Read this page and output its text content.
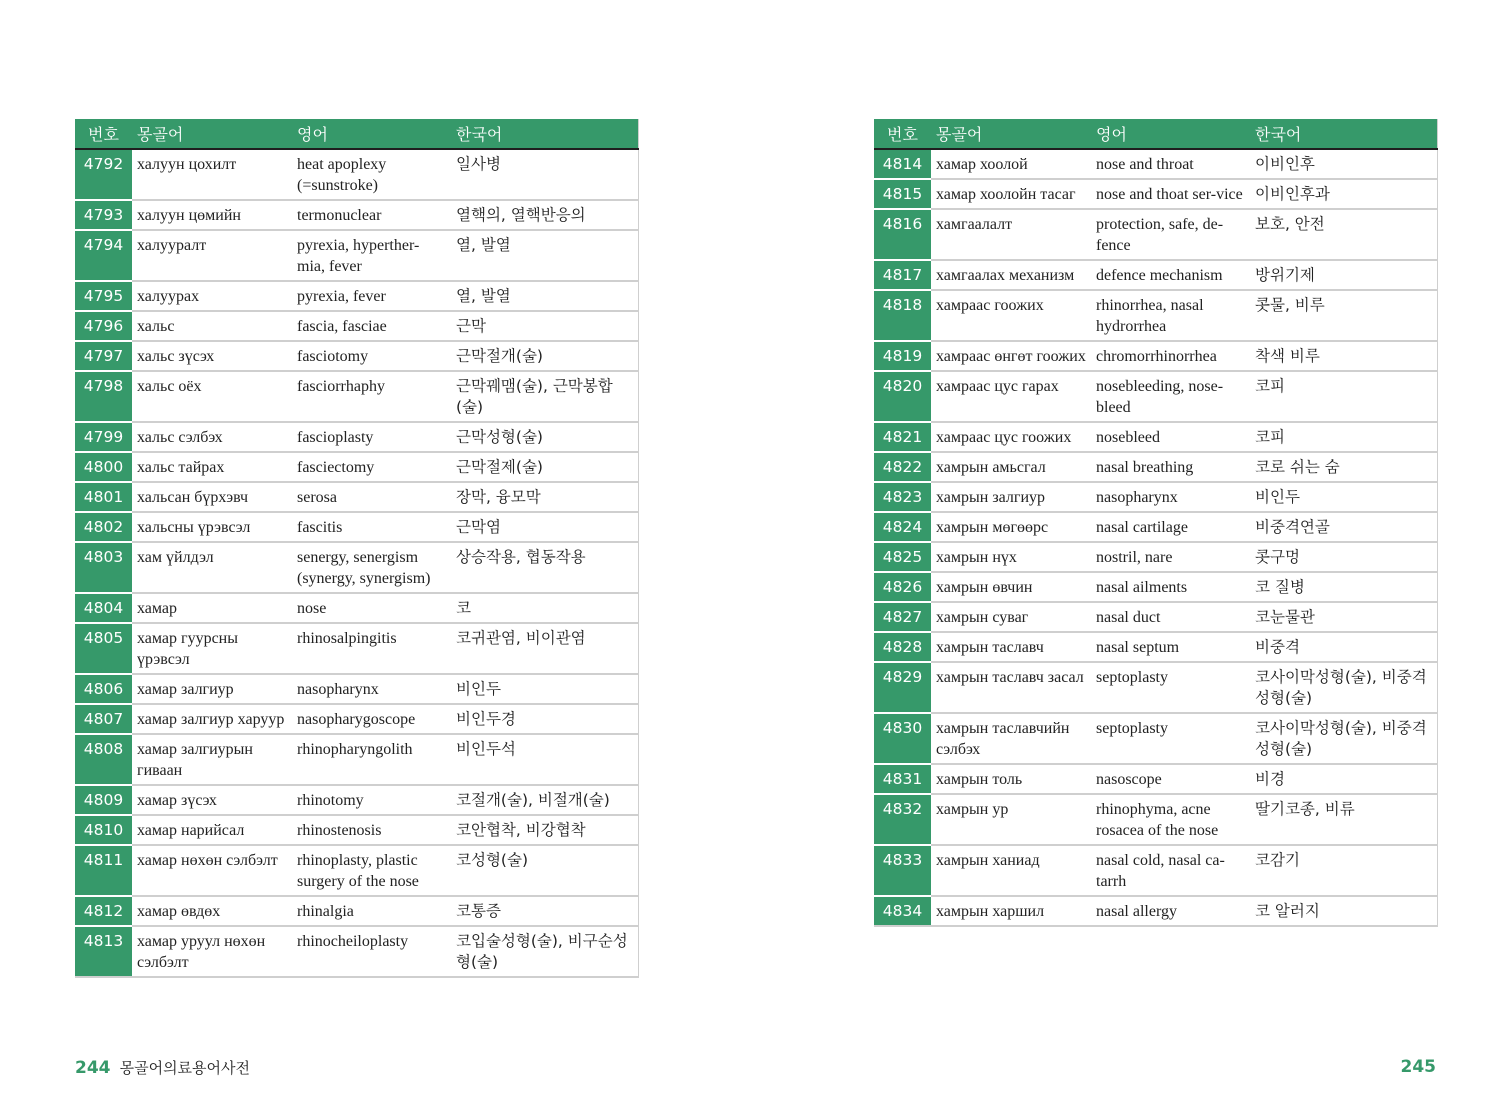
번호	몽골어	영어	한국어
4792	халуун цохилт	heat apoplexy (=sunstroke)	일사병
4793	халуун цөмийн	termonuclear	열핵의, 열핵반응의
4794	халууралт	pyrexia, hyperther-mia, fever	열, 발열
4795	халуурах	pyrexia, fever	열, 발열
4796	хальс	fascia, fasciae	근막
4797	хальс зүсэх	fasciotomy	근막절개(술)
4798	хальс оёх	fasciorrhaphy	근막꿰맴(술), 근막봉합(술)
4799	хальс сэлбэх	fascioplasty	근막성형(술)
4800	хальс тайрах	fasciectomy	근막절제(술)
4801	хальсан бүрхэвч	serosa	장막, 융모막
4802	хальсны үрэвсэл	fascitis	근막염
4803	хам үйлдэл	senergy, senergism (synergy, synergism)	상승작용, 협동작용
4804	хамар	nose	코
4805	хамар гуурсны үрэвсэл	rhinosalpingitis	코귀관염, 비이관염
4806	хамар залгиур	nasopharynx	비인두
4807	хамар залгиур харуур	nasopharygoscope	비인두경
4808	хамар залгиурын гиваан	rhinopharyngolith	비인두석
4809	хамар зүсэх	rhinotomy	코절개(술), 비절개(술)
4810	хамар нарийсал	rhinostenosis	코안협착, 비강협착
4811	хамар нөхөн сэлбэлт	rhinoplasty, plastic surgery of the nose	코성형(술)
4812	хамар өвдөх	rhinalgia	코통증
4813	хамар уруул нөхөн сэлбэлт	rhinocheiloplasty	코입술성형(술), 비구순성형(술)
번호	몽골어	영어	한국어
4814	хамар хоолой	nose and throat	이비인후
4815	хамар хоолойн тасаг	nose and thoat ser-vice	이비인후과
4816	хамгаалалт	protection, safe, de-fence	보호, 안전
4817	хамгаалах механизм	defence mechanism	방위기제
4818	хамраас гоожих	rhinorrhea, nasal hydrorrhea	콧물, 비루
4819	хамраас өнгөт гоожих	chromorrhinorrhea	착색 비루
4820	хамраас цус гарах	nosebleeding, nose-bleed	코피
4821	хамраас цус гоожих	nosebleed	코피
4822	хамрын амьсгал	nasal breathing	코로 쉬는 숨
4823	хамрын залгиур	nasopharynx	비인두
4824	хамрын мөгөөрс	nasal cartilage	비중격연골
4825	хамрын нүх	nostril, nare	콧구멍
4826	хамрын өвчин	nasal ailments	코 질병
4827	хамрын суваг	nasal duct	코눈물관
4828	хамрын таславч	nasal septum	비중격
4829	хамрын таславч засал	septoplasty	코사이막성형(술), 비중격성형(술)
4830	хамрын таславчийн сэлбэх	septoplasty	코사이막성형(술), 비중격성형(술)
4831	хамрын толь	nasoscope	비경
4832	хамрын ур	rhinophyma, acne rosacea of the nose	딸기코종, 비류
4833	хамрын ханиад	nasal cold, nasal ca-tarrh	코감기
4834	хамрын харшил	nasal allergy	코 알러지
244 몽골어의료용어사전	245
